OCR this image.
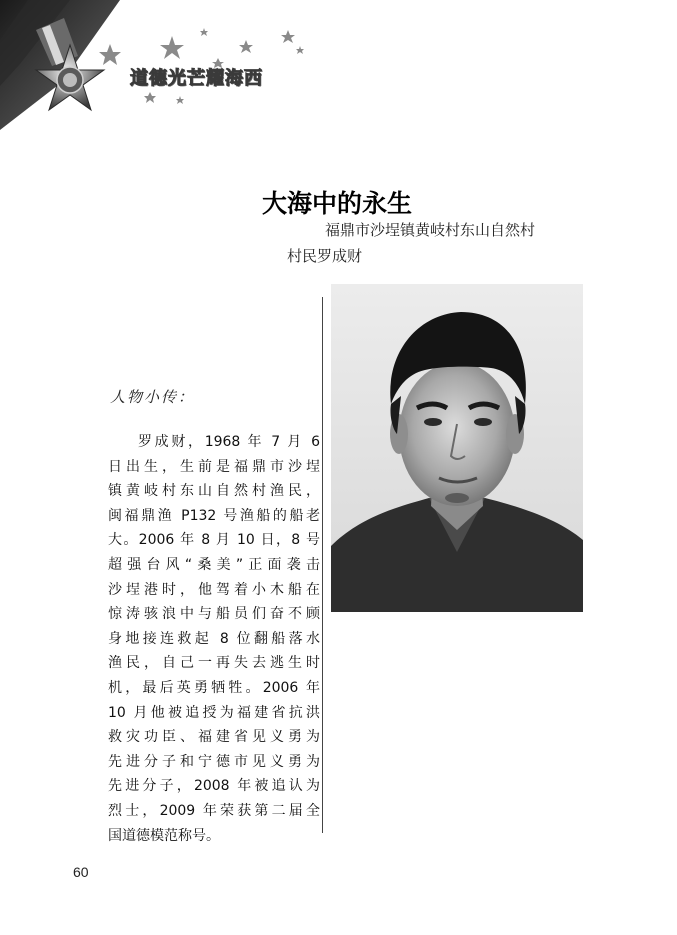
道德光芒耀海西
大海中的永生
福鼎市沙埕镇黄岐村东山自然村
村民罗成财
人物小传：
罗成财，1968 年 7 月 6
日出生，生前是福鼎市沙埕
镇黄岐村东山自然村渔民，
闽福鼎渔 P132 号渔船的船老
大。2006 年 8 月 10 日，8 号
超强台风“桑美”正面袭击
沙埕港时，他驾着小木船在
惊涛骇浪中与船员们奋不顾
身地接连救起 8 位翻船落水
渔民，自己一再失去逃生时
机，最后英勇牺牲。2006 年
10 月他被追授为福建省抗洪
救灾功臣、福建省见义勇为
先进分子和宁德市见义勇为
先进分子，2008 年被追认为
烈士，2009 年荣获第二届全
国道德模范称号。
60
